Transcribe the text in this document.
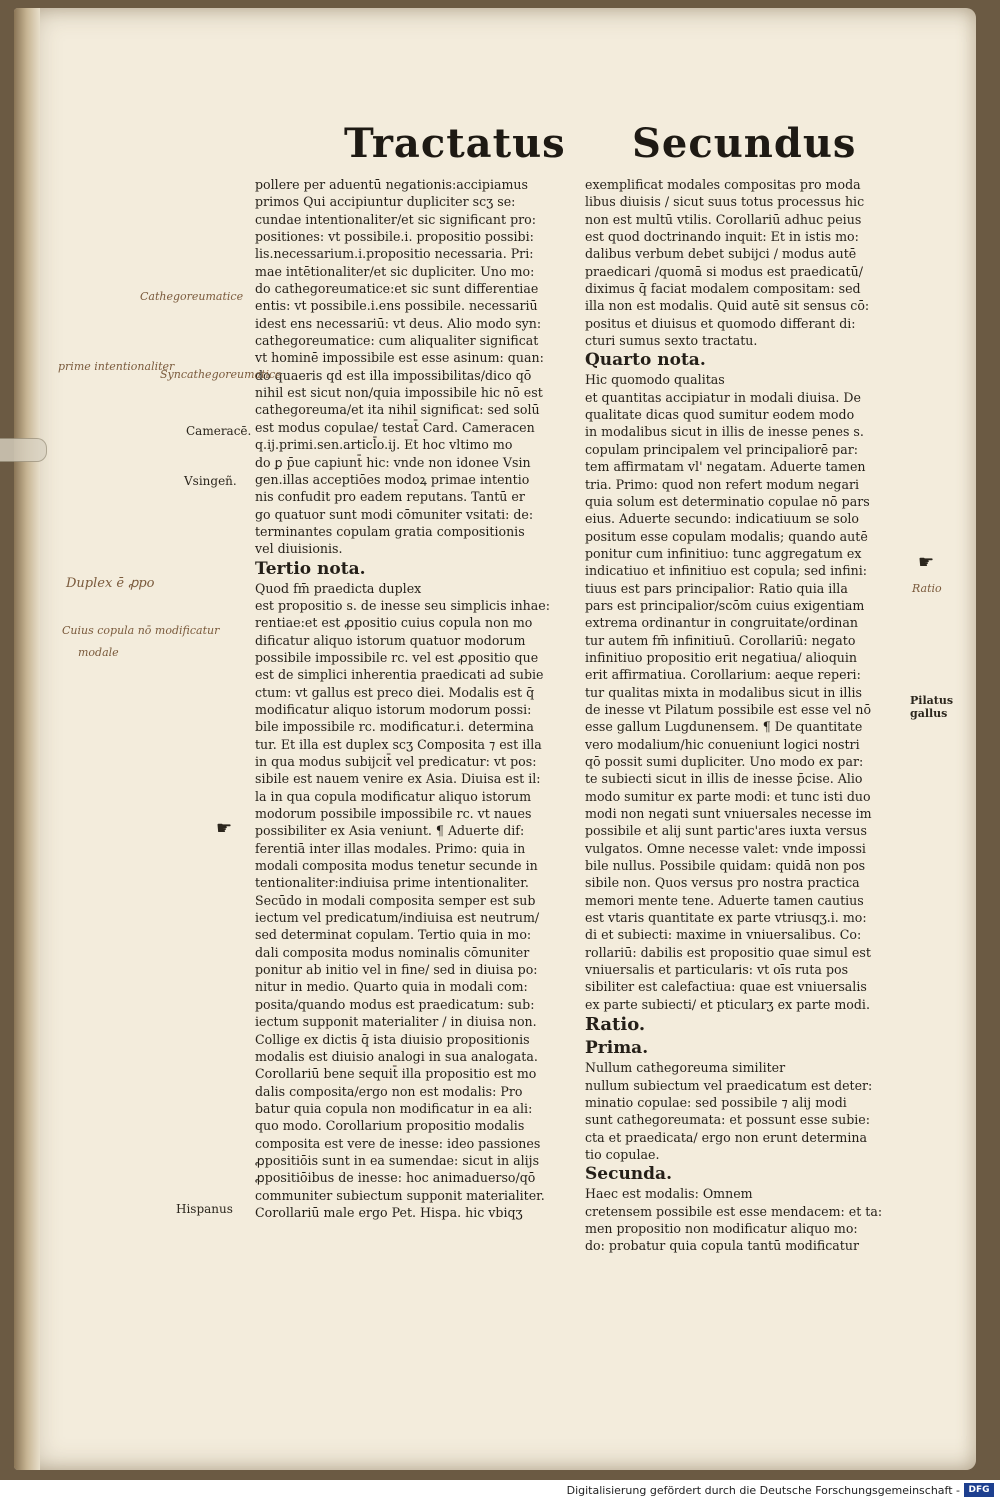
Tractatus Secundus

pollere per aduentū negationis:accipiamus

primos Qui accipiuntur dupliciter scʒ se:

cundae intentionaliter/et sic significant pro:

positiones: vt possibile.i. propositio possibi:

lis.necessarium.i.propositio necessaria. Pri:

mae intētionaliter/et sic dupliciter. Uno mo:

do cathegoreumatice:et sic sunt differentiae

entis: vt possibile.i.ens possibile. necessariū

idest ens necessariū: vt deus. Alio modo syn:

cathegoreumatice: cum aliqualiter significat

vt hominē impossibile est esse asinum: quan:

do quaeris qd est illa impossibilitas/dico qō

nihil est sicut non/quia impossibile hic nō est

cathegoreuma/et ita nihil significat: sed solū

est modus copulae/ testat̄ Card. Cameracen

q.ij.primi.sen.articl̄o.ij. Et hoc vltimo mo

do ꝑ p̄ue capiunt̄ hic: vnde non idonee Vsin

gen.illas acceptiōes modoꝝ primae intentio

nis confudit pro eadem reputans. Tantū er

go quatuor sunt modi cōmuniter vsitati: de:

terminantes copulam gratia compositionis

vel diuisionis.

Tertio nota.

Quod fm̄ praedicta duplex

est propositio s. de inesse seu simplicis inhae:

rentiae:et est ꝓpositio cuius copula non mo

dificatur aliquo istorum quatuor modorum

possibile impossibile rc. vel est ꝓpositio que

est de simplici inherentia praedicati ad subie

ctum: vt gallus est preco diei. Modalis est q̄

modificatur aliquo istorum modorum possi:

bile impossibile rc. modificatur.i. determina

tur. Et illa est duplex scʒ Composita ⁊ est illa

in qua modus subijcit̄ vel predicatur: vt pos:

sibile est nauem venire ex Asia. Diuisa est il:

la in qua copula modificatur aliquo istorum

modorum possibile impossibile rc. vt naues

possibiliter ex Asia veniunt. ¶ Aduerte dif:

ferentiā inter illas modales. Primo: quia in

modali composita modus tenetur secunde in

tentionaliter:indiuisa prime intentionaliter.

Secūdo in modali composita semper est sub

iectum vel predicatum/indiuisa est neutrum/

sed determinat copulam. Tertio quia in mo:

dali composita modus nominalis cōmuniter

ponitur ab initio vel in fine/ sed in diuisa po:

nitur in medio. Quarto quia in modali com:

posita/quando modus est praedicatum: sub:

iectum supponit materialiter / in diuisa non.

Collige ex dictis q̄ ista diuisio propositionis

modalis est diuisio analogi in sua analogata.

Corollariū bene sequit̄ illa propositio est mo

dalis composita/ergo non est modalis: Pro

batur quia copula non modificatur in ea ali:

quo modo. Corollarium propositio modalis

composita est vere de inesse: ideo passiones

ꝓpositiōis sunt in ea sumendae: sicut in alijs

ꝓpositiōibus de inesse: hoc animaduerso/qō

communiter subiectum supponit materialiter.

Corollariū male ergo Pet. Hispa. hic vbiqʒ

exemplificat modales compositas pro moda

libus diuisis / sicut suus totus processus hic

non est multū vtilis. Corollariū adhuc peius

est quod doctrinando inquit: Et in istis mo:

dalibus verbum debet subijci / modus autē

praedicari /quomā si modus est praedicatū/

diximus q̄ faciat modalem compositam: sed

illa non est modalis. Quid autē sit sensus cō:

positus et diuisus et quomodo differant di:

cturi sumus sexto tractatu.

Quarto nota.

Hic quomodo qualitas

et quantitas accipiatur in modali diuisa. De

qualitate dicas quod sumitur eodem modo

in modalibus sicut in illis de inesse penes s.

copulam principalem vel principaliorē par:

tem affirmatam vl' negatam. Aduerte tamen

tria. Primo: quod non refert modum negari

quia solum est determinatio copulae nō pars

eius. Aduerte secundo: indicatiuum se solo

positum esse copulam modalis; quando autē

ponitur cum infinitiuo: tunc aggregatum ex

indicatiuo et infinitiuo est copula; sed infini:

tiuus est pars principalior: Ratio quia illa

pars est principalior/scōm cuius exigentiam

extrema ordinantur in congruitate/ordinan

tur autem fm̄ infinitiuū. Corollariū: negato

infinitiuo propositio erit negatiua/ alioquin

erit affirmatiua. Corollarium: aeque reperi:

tur qualitas mixta in modalibus sicut in illis

de inesse vt Pilatum possibile est esse vel nō

esse gallum Lugdunensem. ¶ De quantitate

vero modalium/hic conueniunt logici nostri

qō possit sumi dupliciter. Uno modo ex par:

te subiecti sicut in illis de inesse p̄cise. Alio

modo sumitur ex parte modi: et tunc isti duo

modi non negati sunt vniuersales necesse im

possibile et alij sunt partic'ares iuxta versus

vulgatos. Omne necesse valet: vnde impossi

bile nullus. Possibile quidam: quidā non pos

sibile non. Quos versus pro nostra practica

memori mente tene. Aduerte tamen cautius

est vtaris quantitate ex parte vtriusqʒ.i. mo:

di et subiecti: maxime in vniuersalibus. Co:

rollariū: dabilis est propositio quae simul est

vniuersalis et particularis: vt oīs ruta pos

sibiliter est calefactiua: quae est vniuersalis

ex parte subiecti/ et pticularʒ ex parte modi.

Ratio.

Prima.

Nullum cathegoreuma similiter

nullum subiectum vel praedicatum est deter:

minatio copulae: sed possibile ⁊ alij modi

sunt cathegoreumata: et possunt esse subie:

cta et praedicata/ ergo non erunt determina

tio copulae.

Secunda.

Haec est modalis: Omnem

cretensem possibile est esse mendacem: et ta:

men propositio non modificatur aliquo mo:

do: probatur quia copula tantū modificatur

Cameracē.
Vsingeñ.
Hispanus
Pilatus gallus
Ratio
☛
☛
Cathegoreumatice
Syncathegoreumatice
prime intentionaliter
Duplex ē ꝓpo
Cuius copula nō modificatur
modale
Digitalisierung gefördert durch die Deutsche Forschungsgemeinschaft - DFG
